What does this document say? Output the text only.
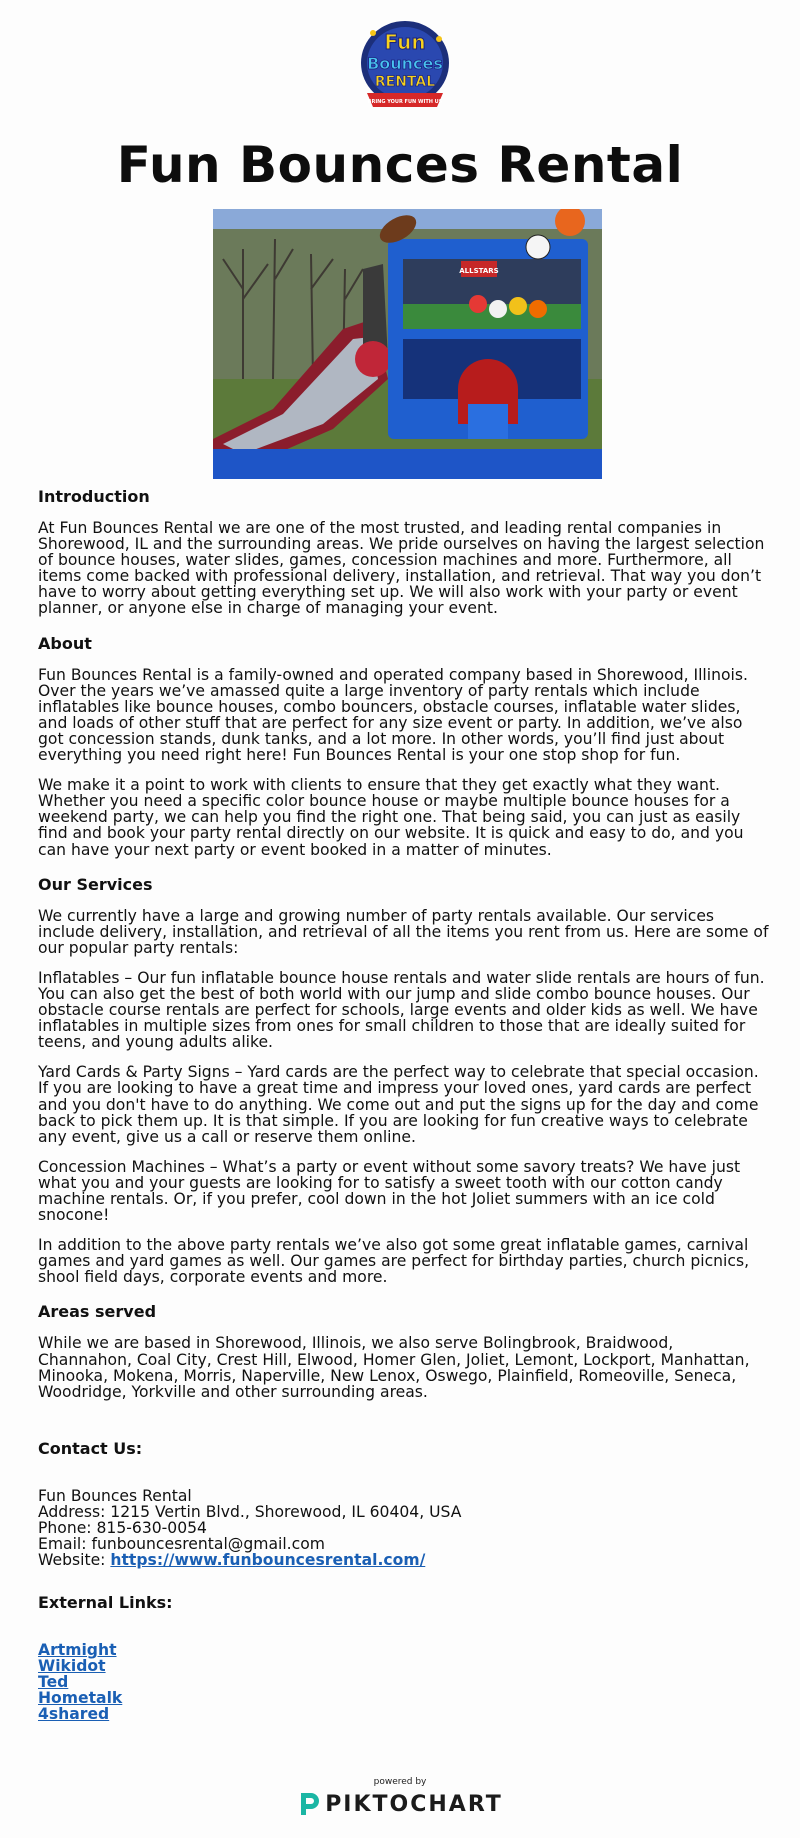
Fun
Bounces
RENTAL
BRING YOUR FUN WITH US
Fun Bounces Rental
ALLSTARS
Introduction

At Fun Bounces Rental we are one of the most trusted, and leading rental companies in Shorewood, IL and the surrounding areas. We pride ourselves on having the largest selection of bounce houses, water slides, games, concession machines and more. Furthermore, all items come backed with professional delivery, installation, and retrieval. That way you don’t have to worry about getting everything set up. We will also work with your party or event planner, or anyone else in charge of managing your event.

About

Fun Bounces Rental is a family-owned and operated company based in Shorewood, Illinois. Over the years we’ve amassed quite a large inventory of party rentals which include inflatables like bounce houses, combo bouncers, obstacle courses, inflatable water slides, and loads of other stuff that are perfect for any size event or party. In addition, we’ve also got concession stands, dunk tanks, and a lot more. In other words, you’ll find just about everything you need right here! Fun Bounces Rental is your one stop shop for fun.

We make it a point to work with clients to ensure that they get exactly what they want. Whether you need a specific color bounce house or maybe multiple bounce houses for a weekend party, we can help you find the right one. That being said, you can just as easily find and book your party rental directly on our website. It is quick and easy to do, and you can have your next party or event booked in a matter of minutes.

Our Services

We currently have a large and growing number of party rentals available. Our services include delivery, installation, and retrieval of all the items you rent from us. Here are some of our popular party rentals:

Inflatables – Our fun inflatable bounce house rentals and water slide rentals are hours of fun. You can also get the best of both world with our jump and slide combo bounce houses. Our obstacle course rentals are perfect for schools, large events and older kids as well. We have inflatables in multiple sizes from ones for small children to those that are ideally suited for teens, and young adults alike.

Yard Cards & Party Signs – Yard cards are the perfect way to celebrate that special occasion. If you are looking to have a great time and impress your loved ones, yard cards are perfect and you don't have to do anything. We come out and put the signs up for the day and come back to pick them up. It is that simple. If you are looking for fun creative ways to celebrate any event, give us a call or reserve them online.

Concession Machines – What’s a party or event without some savory treats? We have just what you and your guests are looking for to satisfy a sweet tooth with our cotton candy machine rentals. Or, if you prefer, cool down in the hot Joliet summers with an ice cold snocone!

In addition to the above party rentals we’ve also got some great inflatable games, carnival games and yard games as well. Our games are perfect for birthday parties, church picnics, shool field days, corporate events and more.

Areas served

While we are based in Shorewood, Illinois, we also serve Bolingbrook, Braidwood, Channahon, Coal City, Crest Hill, Elwood, Homer Glen, Joliet, Lemont, Lockport, Manhattan, Minooka, Mokena, Morris, Naperville, New Lenox, Oswego, Plainfield, Romeoville, Seneca, Woodridge, Yorkville and other surrounding areas.

Contact Us:
Fun Bounces Rental
Address: 1215 Vertin Blvd., Shorewood, IL 60404, USA
Phone: 815-630-0054
Email: funbouncesrental@gmail.com
Website: https://www.funbouncesrental.com/
External Links:
Artmight
Wikidot
Ted
Hometalk
4shared
powered by
PIKTOCHART
